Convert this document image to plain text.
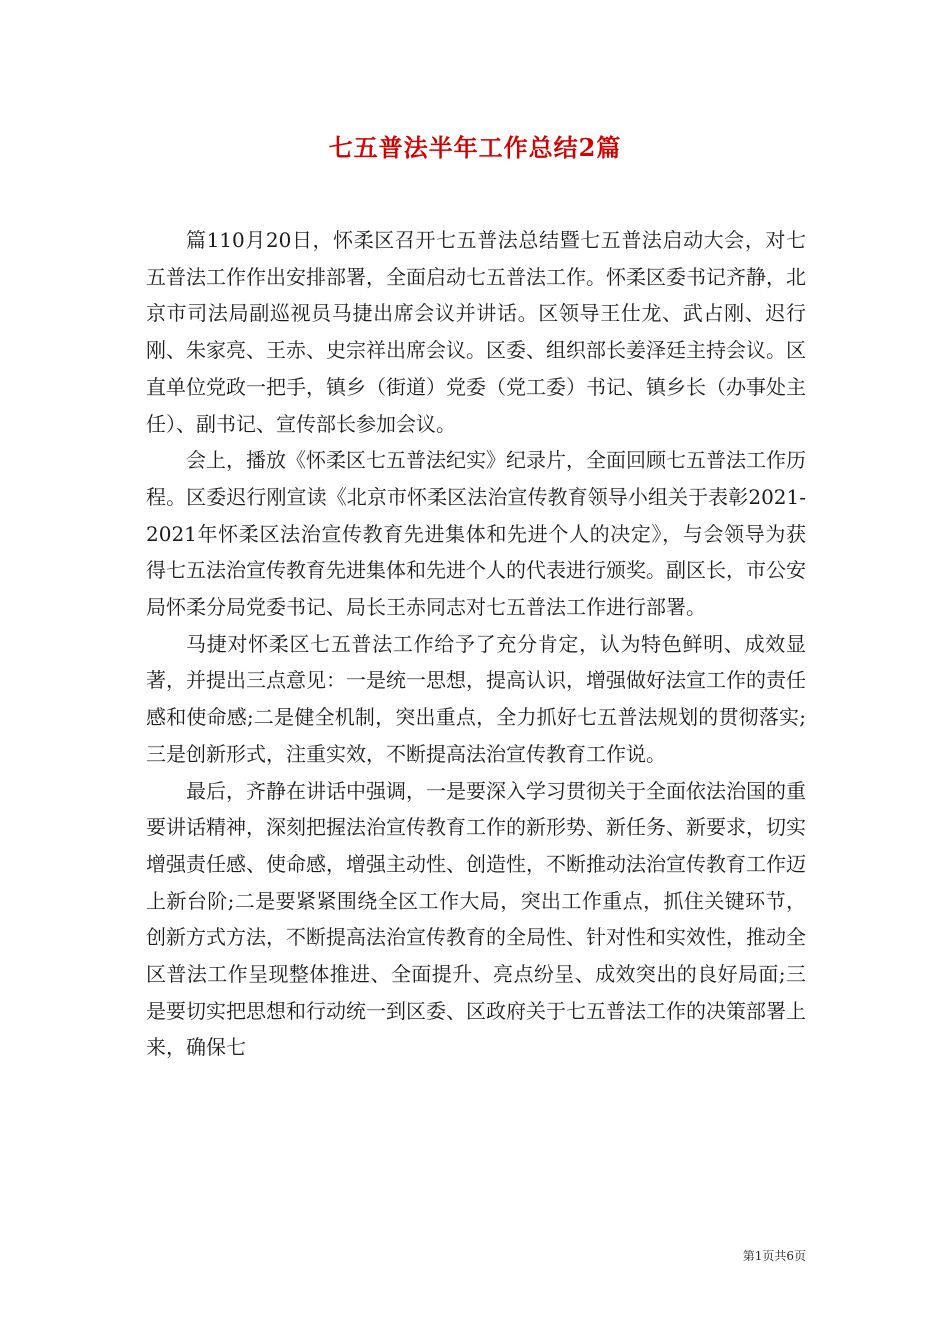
七五普法半年工作总结2篇

篇110月20日，怀柔区召开七五普法总结暨七五普法启动大会，对七五普法工作作出安排部署，全面启动七五普法工作。怀柔区委书记齐静，北京市司法局副巡视员马捷出席会议并讲话。区领导王仕龙、武占刚、迟行刚、朱家亮、王赤、史宗祥出席会议。区委、组织部长姜泽廷主持会议。区直单位党政一把手，镇乡（街道）党委（党工委）书记、镇乡长（办事处主任）、副书记、宣传部长参加会议。

会上，播放《怀柔区七五普法纪实》纪录片，全面回顾七五普法工作历程。区委迟行刚宣读《北京市怀柔区法治宣传教育领导小组关于表彰2021-2021年怀柔区法治宣传教育先进集体和先进个人的决定》，与会领导为获得七五法治宣传教育先进集体和先进个人的代表进行颁奖。副区长，市公安局怀柔分局党委书记、局长王赤同志对七五普法工作进行部署。

马捷对怀柔区七五普法工作给予了充分肯定，认为特色鲜明、成效显著，并提出三点意见：一是统一思想，提高认识，增强做好法宣工作的责任感和使命感;二是健全机制，突出重点，全力抓好七五普法规划的贯彻落实;三是创新形式，注重实效，不断提高法治宣传教育工作说。

最后，齐静在讲话中强调，一是要深入学习贯彻关于全面依法治国的重要讲话精神，深刻把握法治宣传教育工作的新形势、新任务、新要求，切实增强责任感、使命感，增强主动性、创造性，不断推动法治宣传教育工作迈上新台阶;二是要紧紧围绕全区工作大局，突出工作重点，抓住关键环节，创新方式方法，不断提高法治宣传教育的全局性、针对性和实效性，推动全区普法工作呈现整体推进、全面提升、亮点纷呈、成效突出的良好局面;三是要切实把思想和行动统一到区委、区政府关于七五普法工作的决策部署上来，确保七

第1页共6页
